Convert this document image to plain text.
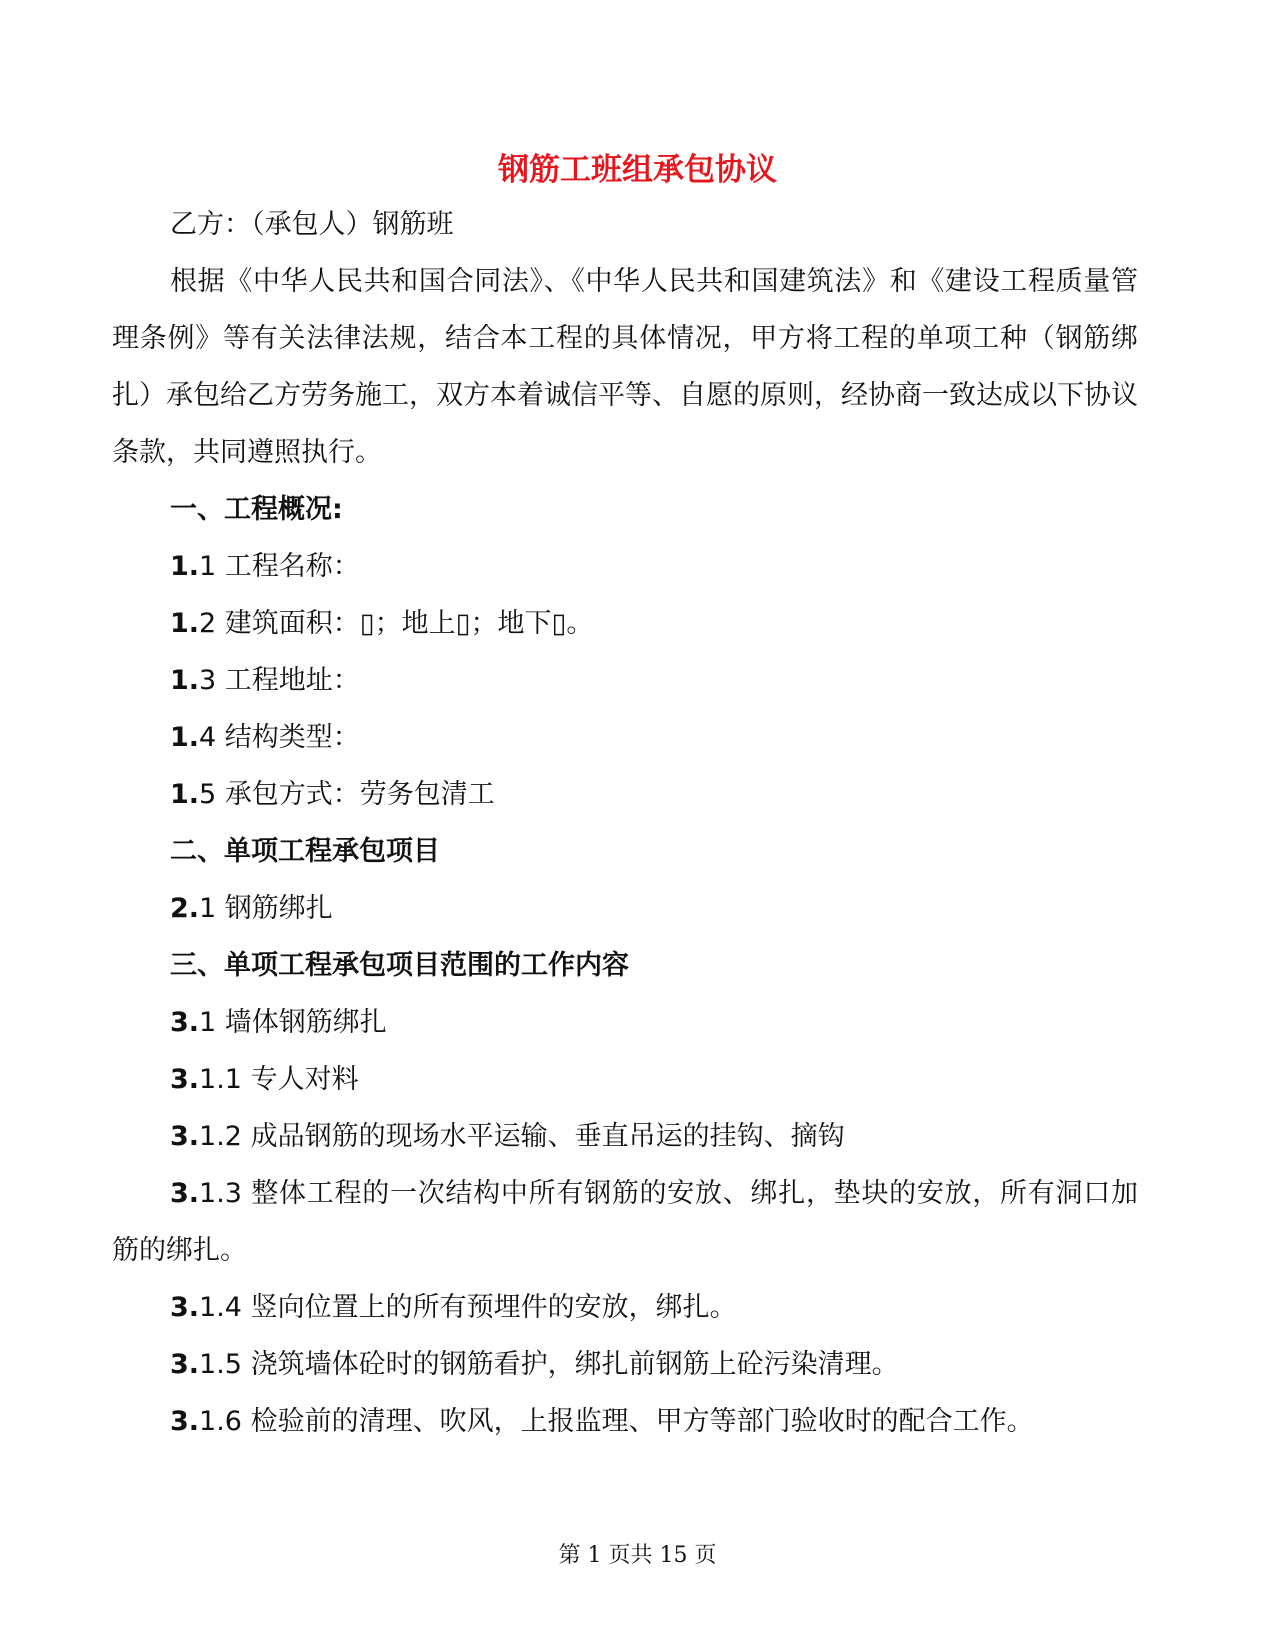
钢筋工班组承包协议

乙方：（承包人）钢筋班

根据《中华人民共和国合同法》、《中华人民共和国建筑法》和《建设工程质量管理条例》等有关法律法规，结合本工程的具体情况，甲方将工程的单项工种（钢筋绑扎）承包给乙方劳务施工，双方本着诚信平等、自愿的原则，经协商一致达成以下协议条款，共同遵照执行。

一、工程概况:

1.1 工程名称：

1.2 建筑面积：▯；地上▯；地下▯。

1.3 工程地址：

1.4 结构类型：

1.5 承包方式：劳务包清工

二、单项工程承包项目

2.1 钢筋绑扎

三、单项工程承包项目范围的工作内容

3.1 墙体钢筋绑扎

3.1.1 专人对料

3.1.2 成品钢筋的现场水平运输、垂直吊运的挂钩、摘钩

3.1.3 整体工程的一次结构中所有钢筋的安放、绑扎，垫块的安放，所有洞口加筋的绑扎。

3.1.4 竖向位置上的所有预埋件的安放，绑扎。

3.1.5 浇筑墙体砼时的钢筋看护，绑扎前钢筋上砼污染清理。

3.1.6 检验前的清理、吹风，上报监理、甲方等部门验收时的配合工作。

第 1 页共 15 页
